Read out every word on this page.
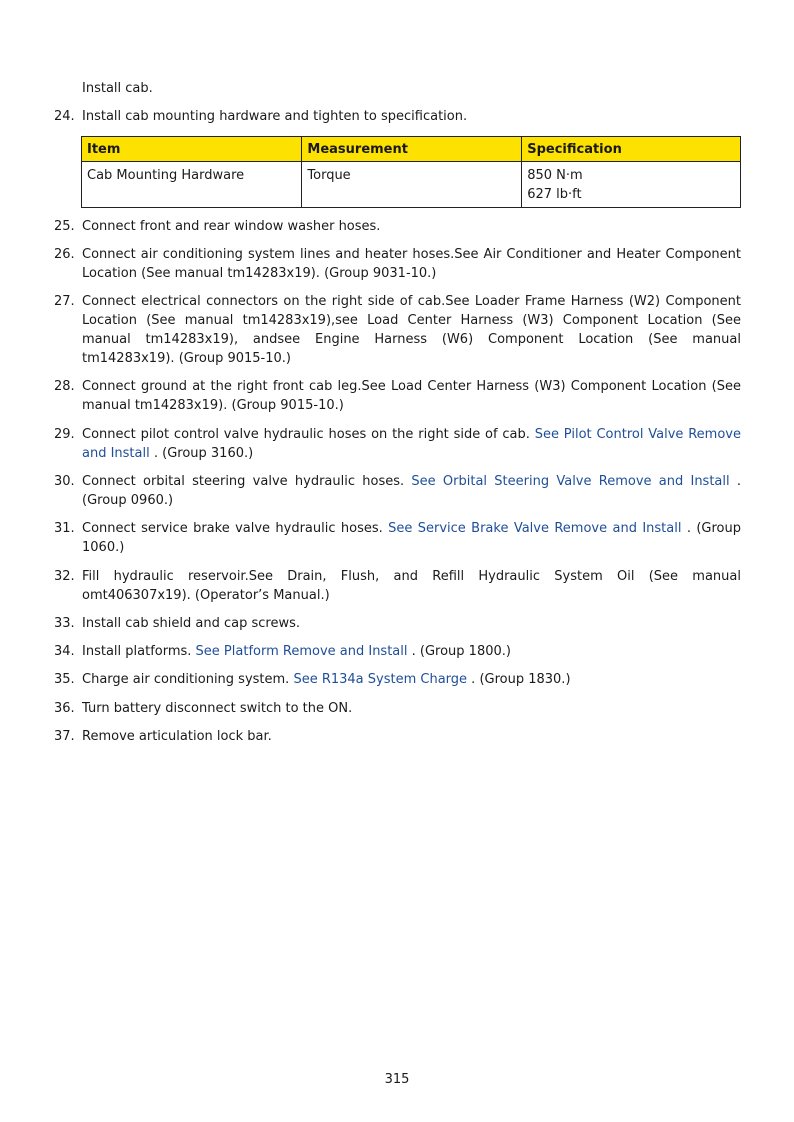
Install cab.
24. Install cab mounting hardware and tighten to specification.
Item	Measurement	Specification
Cab Mounting Hardware	Torque	850 N·m
627 lb·ft
25. Connect front and rear window washer hoses.
26. Connect air conditioning system lines and heater hoses.See Air Conditioner and Heater Component Location (See manual tm14283x19). (Group 9031-10.)
27. Connect electrical connectors on the right side of cab.See Loader Frame Harness (W2) Component Location (See manual tm14283x19),see Load Center Harness (W3) Component Location (See manual tm14283x19), andsee Engine Harness (W6) Component Location (See manual tm14283x19). (Group 9015-10.)
28. Connect ground at the right front cab leg.See Load Center Harness (W3) Component Location (See manual tm14283x19). (Group 9015-10.)
29. Connect pilot control valve hydraulic hoses on the right side of cab. See Pilot Control Valve Remove and Install . (Group 3160.)
30. Connect orbital steering valve hydraulic hoses. See Orbital Steering Valve Remove and Install . (Group 0960.)
31. Connect service brake valve hydraulic hoses. See Service Brake Valve Remove and Install . (Group 1060.)
32. Fill hydraulic reservoir.See Drain, Flush, and Refill Hydraulic System Oil (See manual omt406307x19). (Operator’s Manual.)
33. Install cab shield and cap screws.
34. Install platforms. See Platform Remove and Install . (Group 1800.)
35. Charge air conditioning system. See R134a System Charge . (Group 1830.)
36. Turn battery disconnect switch to the ON.
37. Remove articulation lock bar.
315
